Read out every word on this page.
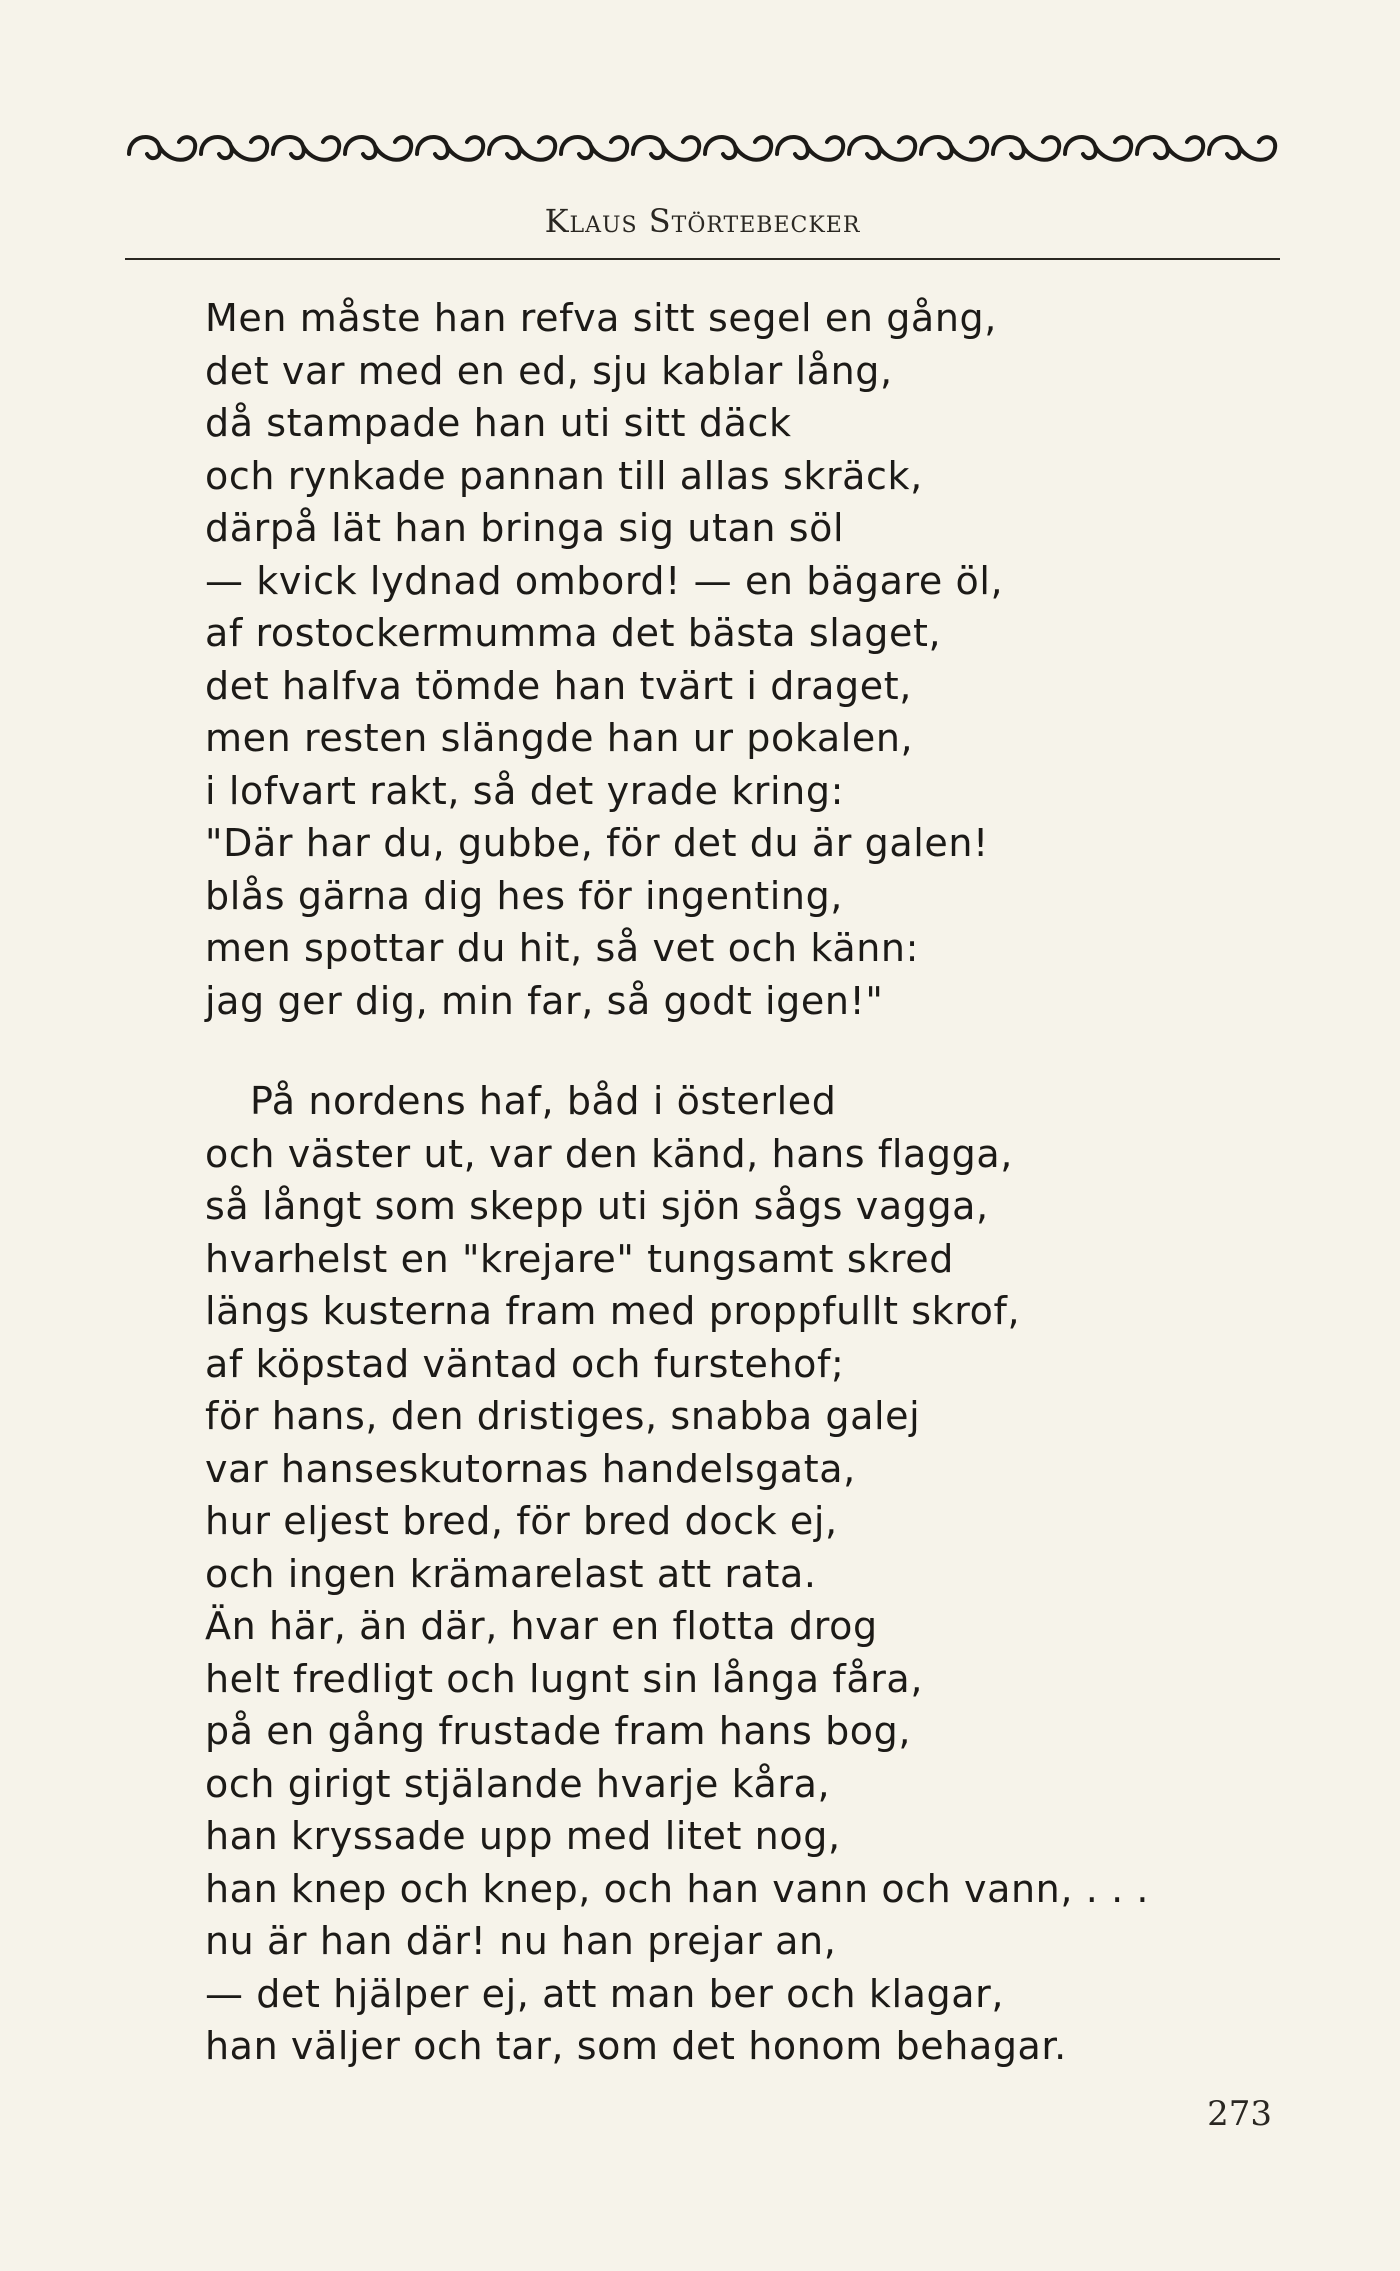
Klaus Störtebecker
Men måste han refva sitt segel en gång,
det var med en ed, sju kablar lång,
då stampade han uti sitt däck
och rynkade pannan till allas skräck,
därpå lät han bringa sig utan söl
— kvick lydnad ombord! — en bägare öl,
af rostockermumma det bästa slaget,
det halfva tömde han tvärt i draget,
men resten slängde han ur pokalen,
i lofvart rakt, så det yrade kring:
"Där har du, gubbe, för det du är galen!
blås gärna dig hes för ingenting,
men spottar du hit, så vet och känn:
jag ger dig, min far, så godt igen!"
På nordens haf, båd i österled
och väster ut, var den känd, hans flagga,
så långt som skepp uti sjön sågs vagga,
hvarhelst en "krejare" tungsamt skred
längs kusterna fram med proppfullt skrof,
af köpstad väntad och furstehof;
för hans, den dristiges, snabba galej
var hanseskutornas handelsgata,
hur eljest bred, för bred dock ej,
och ingen krämarelast att rata.
Än här, än där, hvar en flotta drog
helt fredligt och lugnt sin långa fåra,
på en gång frustade fram hans bog,
och girigt stjälande hvarje kåra,
han kryssade upp med litet nog,
han knep och knep, och han vann och vann, . . .
nu är han där! nu han prejar an,
— det hjälper ej, att man ber och klagar,
han väljer och tar, som det honom behagar.
273
